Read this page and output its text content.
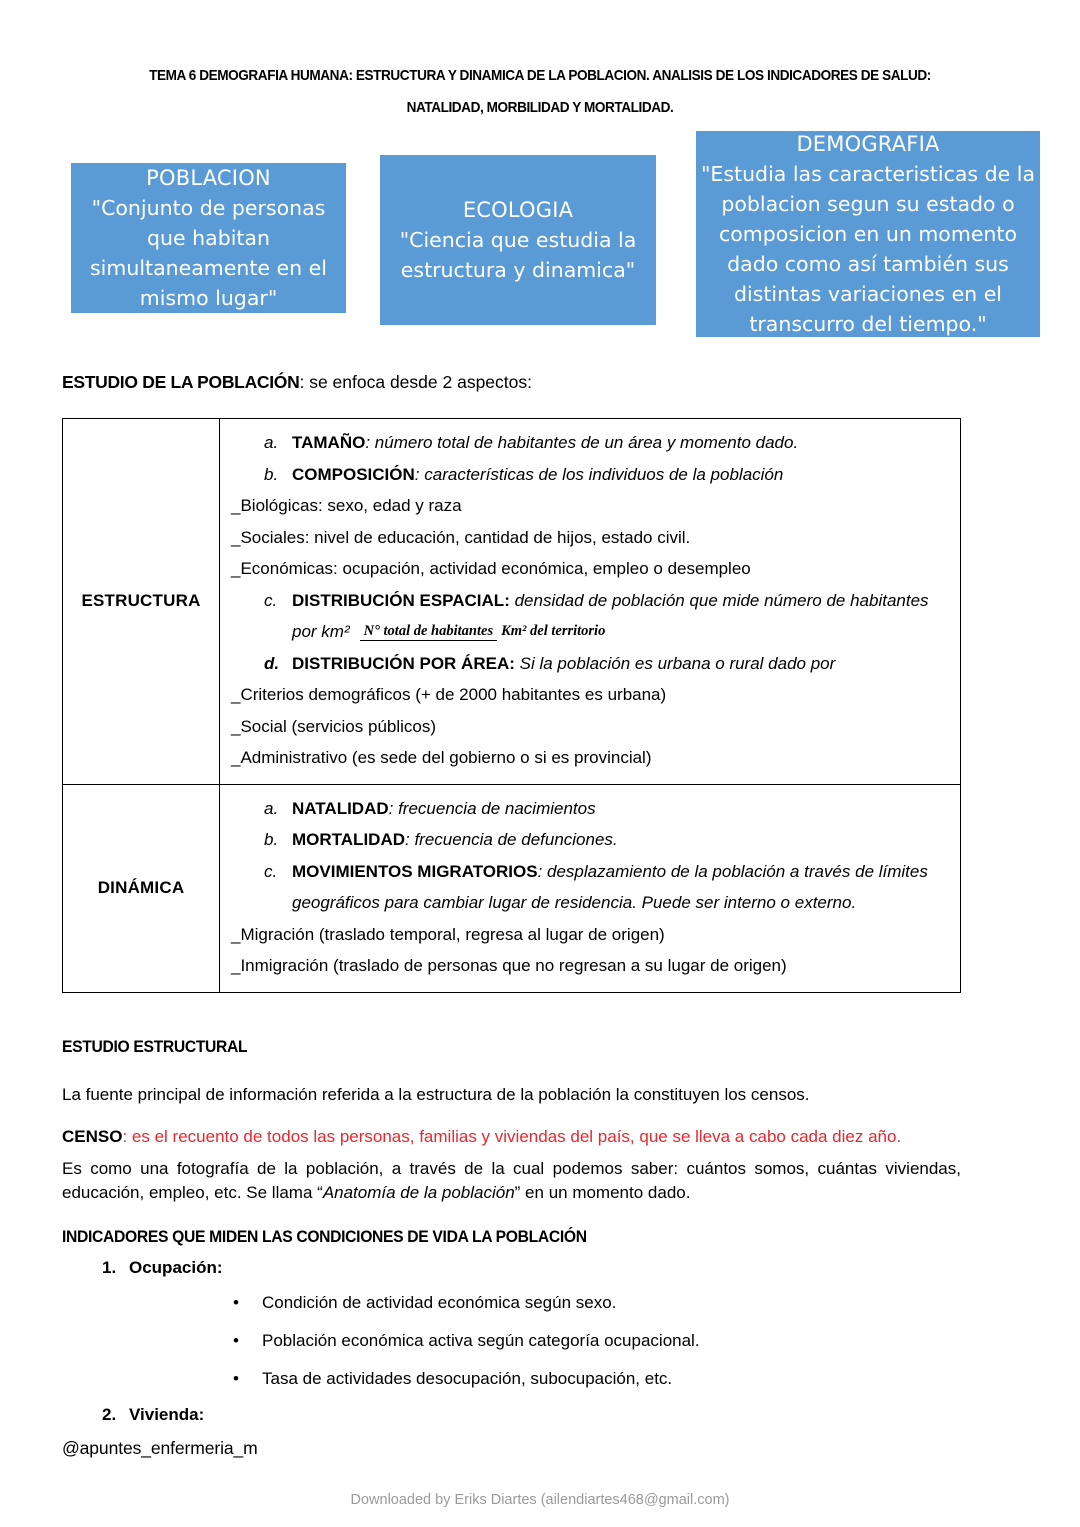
TEMA 6 DEMOGRAFIA HUMANA: ESTRUCTURA Y DINAMICA DE LA POBLACION. ANALISIS DE LOS INDICADORES DE SALUD: NATALIDAD, MORBILIDAD Y MORTALIDAD.
POBLACION
"Conjunto de personas que habitan simultaneamente en el mismo lugar"
ECOLOGIA
"Ciencia que estudia la estructura y dinamica"
DEMOGRAFIA
"Estudia las caracteristicas de la poblacion segun su estado o composicion en un momento dado como así también sus distintas variaciones en el transcurro del tiempo."
ESTUDIO DE LA POBLACIÓN: se enfoca desde 2 aspectos:
ESTRUCTURA	
a. TAMAÑO: número total de habitantes de un área y momento dado.
b. COMPOSICIÓN: características de los individuos de la población
_Biológicas: sexo, edad y raza
_Sociales: nivel de educación, cantidad de hijos, estado civil.
_Económicas: ocupación, actividad económica, empleo o desempleo
c. DISTRIBUCIÓN ESPACIAL: densidad de población que mide número de habitantes por km² N° total de habitantes Km² del territorio
d. DISTRIBUCIÓN POR ÁREA: Si la población es urbana o rural dado por
_Criterios demográficos (+ de 2000 habitantes es urbana)
_Social (servicios públicos)
_Administrativo (es sede del gobierno o si es provincial)

DINÁMICA	
a. NATALIDAD: frecuencia de nacimientos
b. MORTALIDAD: frecuencia de defunciones.
c. MOVIMIENTOS MIGRATORIOS: desplazamiento de la población a través de límites geográficos para cambiar lugar de residencia. Puede ser interno o externo.
_Migración (traslado temporal, regresa al lugar de origen)
_Inmigración (traslado de personas que no regresan a su lugar de origen)
ESTUDIO ESTRUCTURAL
La fuente principal de información referida a la estructura de la población la constituyen los censos.
CENSO: es el recuento de todos las personas, familias y viviendas del país, que se lleva a cabo cada diez año.
Es como una fotografía de la población, a través de la cual podemos saber: cuántos somos, cuántas viviendas, educación, empleo, etc. Se llama “Anatomía de la población” en un momento dado.
INDICADORES QUE MIDEN LAS CONDICIONES DE VIDA LA POBLACIÓN
1. Ocupación:
• Condición de actividad económica según sexo.
• Población económica activa según categoría ocupacional.
• Tasa de actividades desocupación, subocupación, etc.
2. Vivienda:
@apuntes_enfermeria_m
Downloaded by Eriks Diartes (ailendiartes468@gmail.com)
